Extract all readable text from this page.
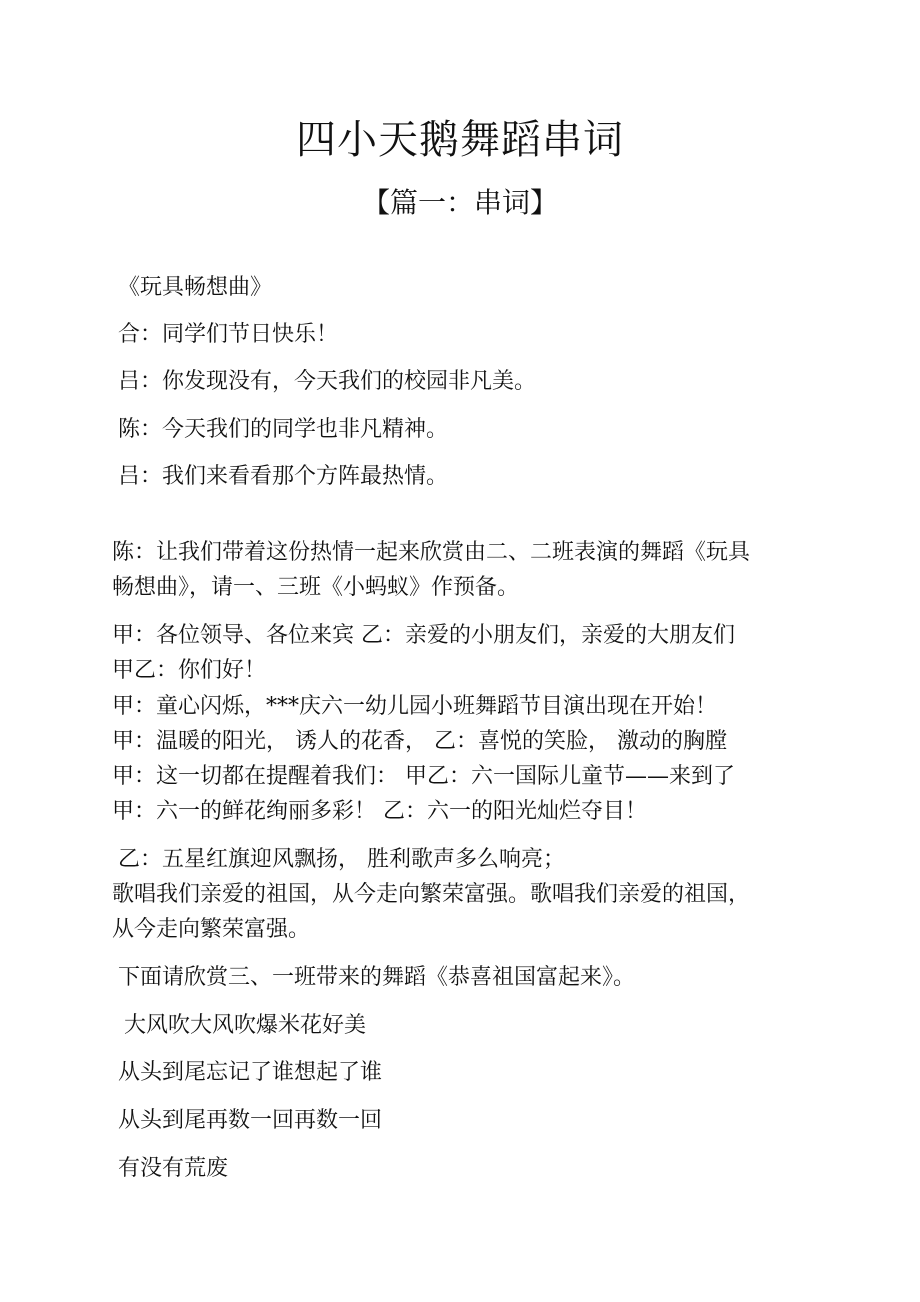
四小天鹅舞蹈串词
【篇一：串词】

《玩具畅想曲》

合：同学们节日快乐！

吕：你发现没有，今天我们的校园非凡美。

陈：今天我们的同学也非凡精神。

吕：我们来看看那个方阵最热情。

陈：让我们带着这份热情一起来欣赏由二、二班表演的舞蹈《玩具

畅想曲》，请一、三班《小蚂蚁》作预备。

甲：各位领导、各位来宾 乙：亲爱的小朋友们，亲爱的大朋友们

甲乙：你们好！

甲：童心闪烁，***庆六一幼儿园小班舞蹈节目演出现在开始！

甲：温暖的阳光， 诱人的花香， 乙：喜悦的笑脸， 激动的胸膛

甲：这一切都在提醒着我们： 甲乙：六一国际儿童节——来到了

甲：六一的鲜花绚丽多彩！ 乙：六一的阳光灿烂夺目！

乙：五星红旗迎风飘扬， 胜利歌声多么响亮；

歌唱我们亲爱的祖国，从今走向繁荣富强。歌唱我们亲爱的祖国，

从今走向繁荣富强。

下面请欣赏三、一班带来的舞蹈《恭喜祖国富起来》。

大风吹大风吹爆米花好美

从头到尾忘记了谁想起了谁

从头到尾再数一回再数一回

有没有荒废
